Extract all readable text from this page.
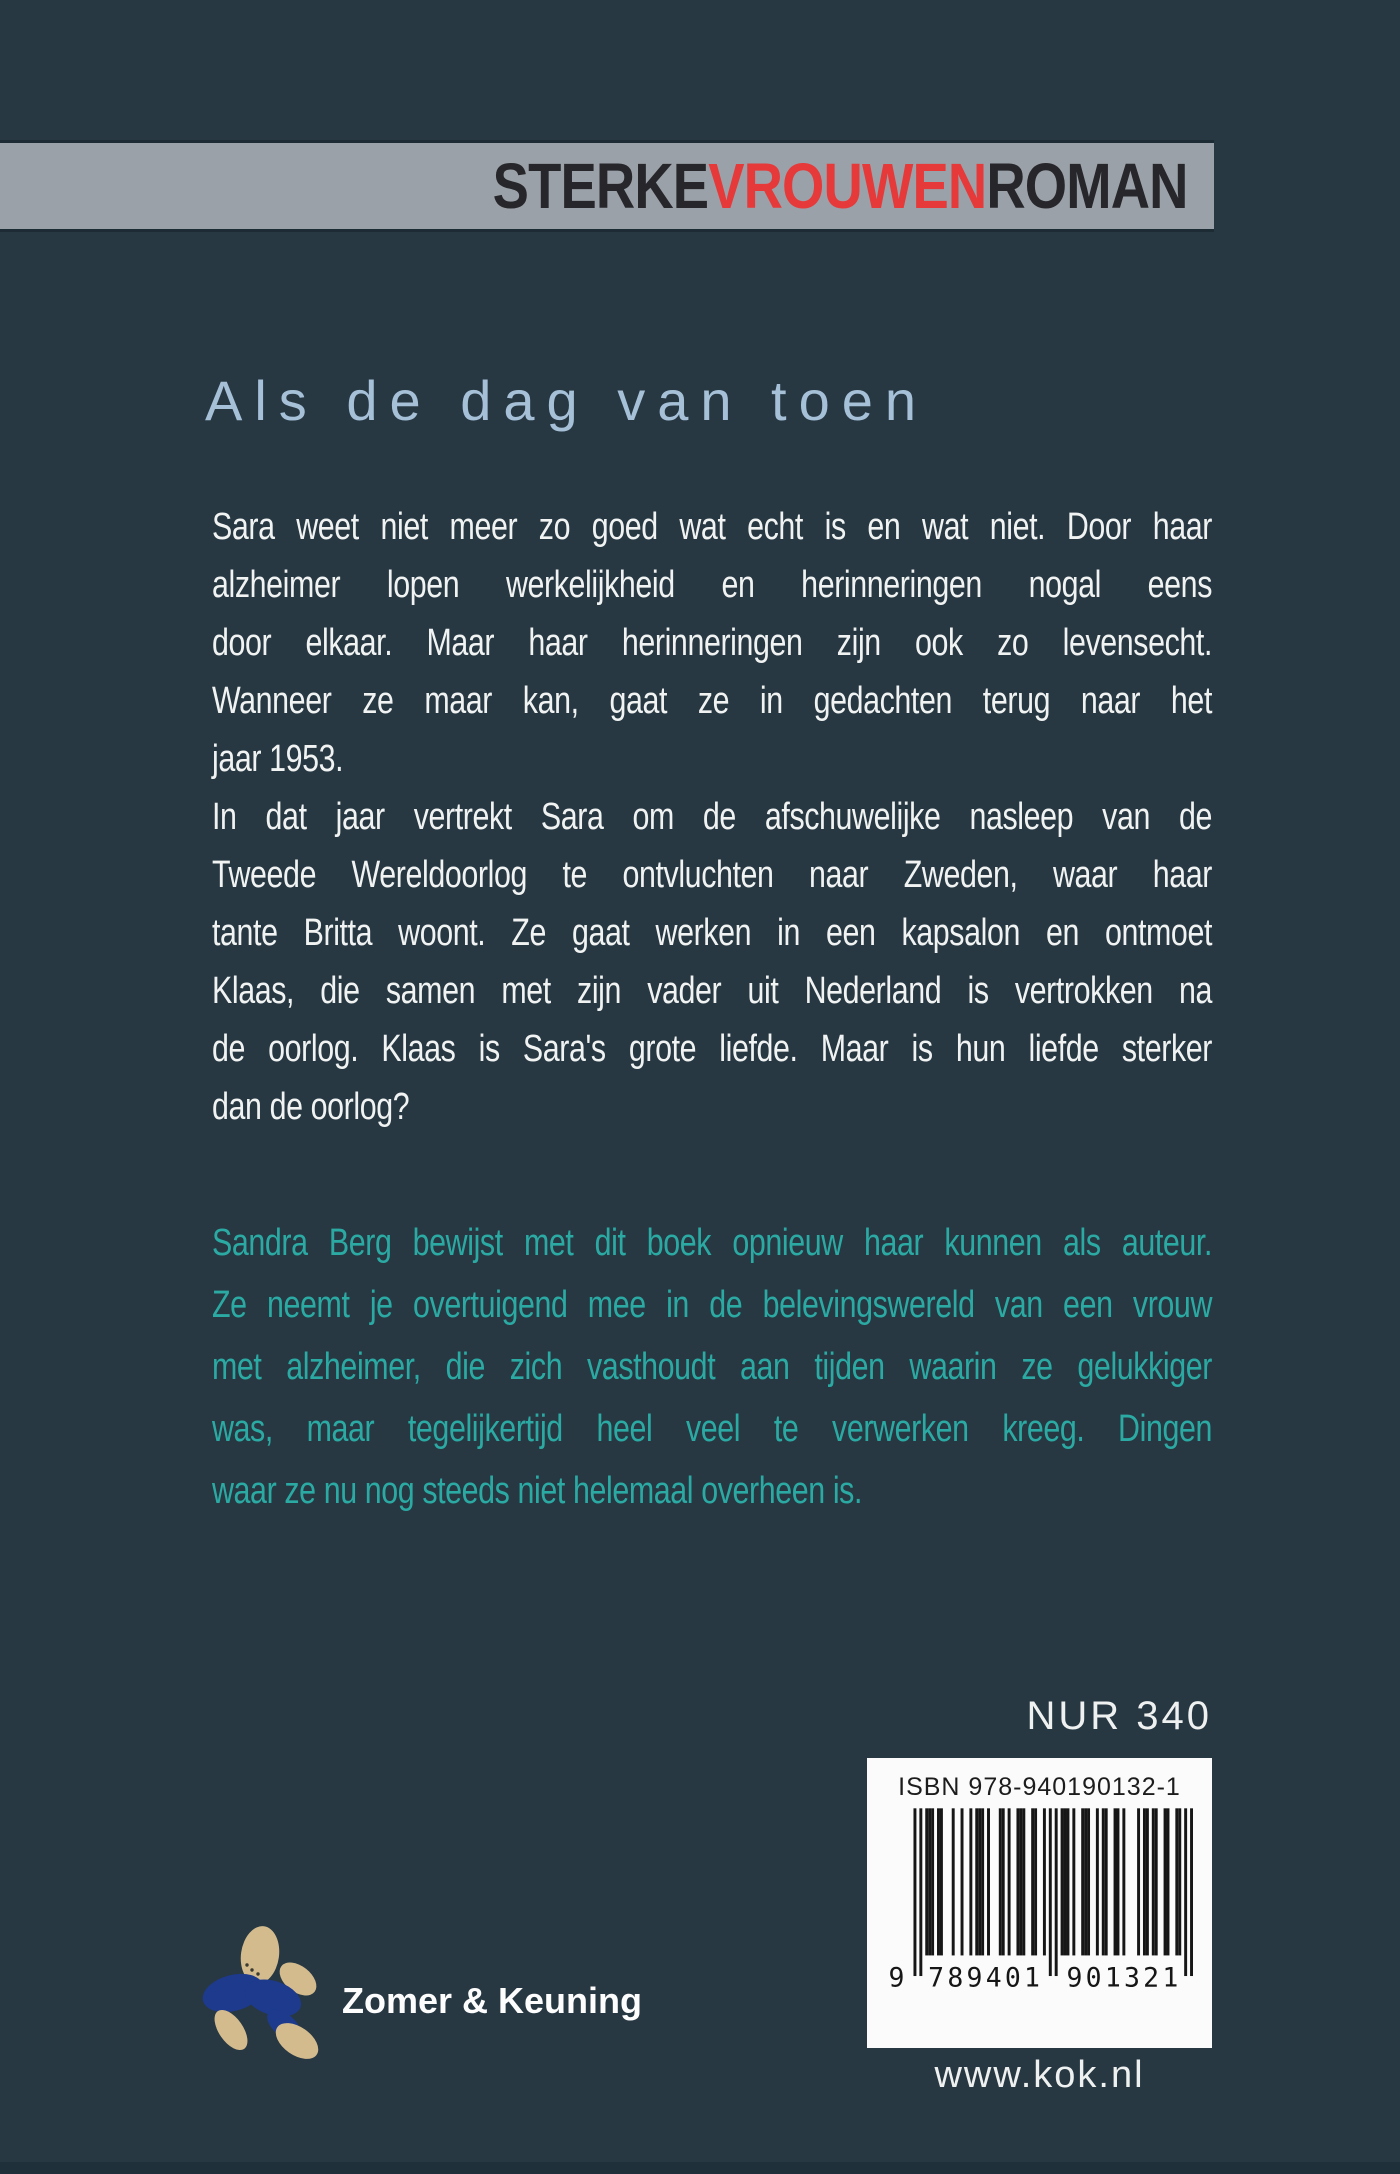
STERKEVROUWENROMAN
Als de dag van toen
Sara weet niet meer zo goed wat echt is en wat niet. Door haar
alzheimer lopen werkelijkheid en herinneringen nogal eens
door elkaar. Maar haar herinneringen zijn ook zo levensecht.
Wanneer ze maar kan, gaat ze in gedachten terug naar het
jaar 1953.
In dat jaar vertrekt Sara om de afschuwelijke nasleep van de
Tweede Wereldoorlog te ontvluchten naar Zweden, waar haar
tante Britta woont. Ze gaat werken in een kapsalon en ontmoet
Klaas, die samen met zijn vader uit Nederland is vertrokken na
de oorlog. Klaas is Sara's grote liefde. Maar is hun liefde sterker
dan de oorlog?
Sandra Berg bewijst met dit boek opnieuw haar kunnen als auteur.
Ze neemt je overtuigend mee in de belevingswereld van een vrouw
met alzheimer, die zich vasthoudt aan tijden waarin ze gelukkiger
was, maar tegelijkertijd heel veel te verwerken kreeg. Dingen
waar ze nu nog steeds niet helemaal overheen is.
NUR 340
ISBN 978-940190132-1
9	789401	901321
Zomer & Keuning
www.kok.nl
